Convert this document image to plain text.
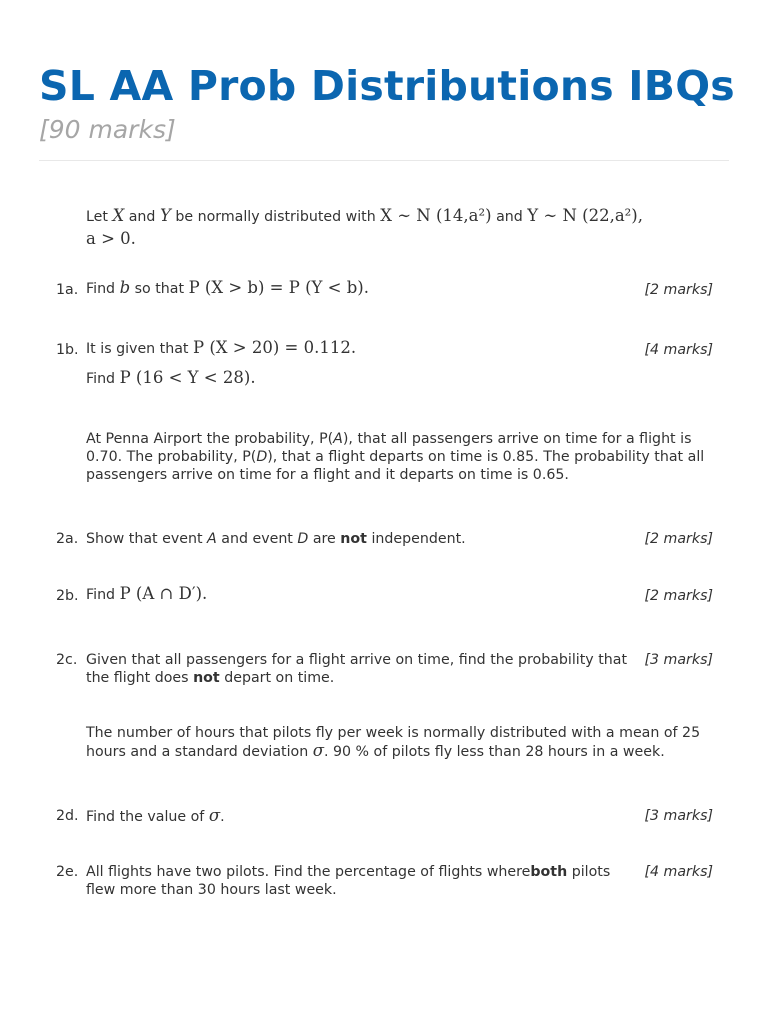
SL AA Prob Distributions IBQs
[90 marks]
Let X and Y be normally distributed with X ∼ N (14,a²) and Y ∼ N (22,a²),
a > 0.
1a. Find b so that P (X > b) = P (Y < b).	[2 marks]
1b. It is given that P (X > 20) = 0.112.
Find P (16 < Y < 28).
[4 marks]
At Penna Airport the probability, P(A), that all passengers arrive on time for a flight is 0.70. The probability, P(D), that a flight departs on time is 0.85. The probability that all passengers arrive on time for a flight and it departs on time is 0.65.
2a. Show that event A and event D are not independent.	[2 marks]
2b. Find P (A ∩ D′).	[2 marks]
2c. Given that all passengers for a flight arrive on time, find the probability that the flight does not depart on time.
[3 marks]
The number of hours that pilots fly per week is normally distributed with a mean of 25 hours and a standard deviation σ. 90 % of pilots fly less than 28 hours in a week.
2d. Find the value of σ.	[3 marks]
2e. All flights have two pilots. Find the percentage of flights whereboth pilots flew more than 30 hours last week.
[4 marks]
